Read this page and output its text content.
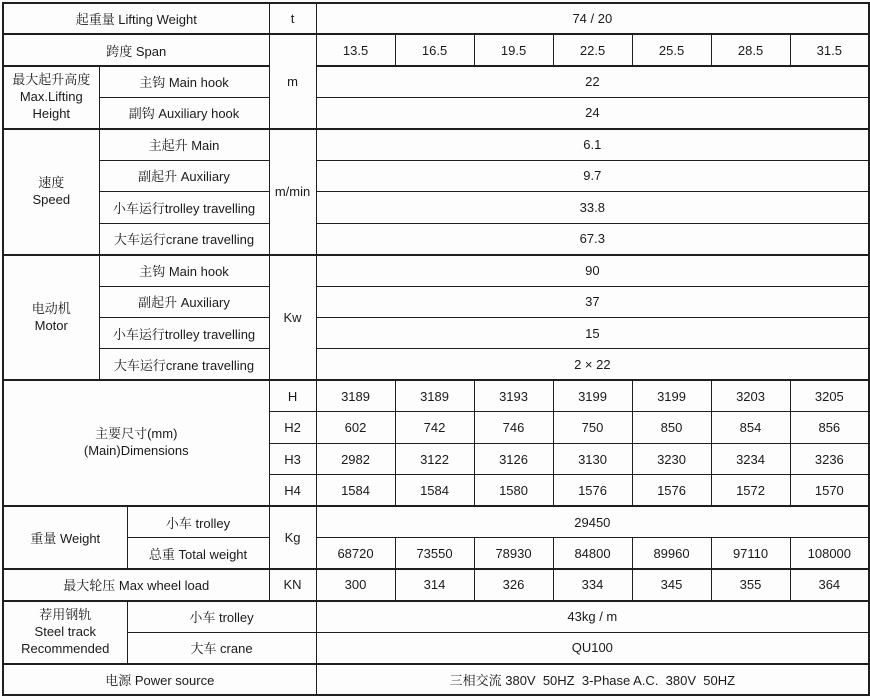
起重量 Lifting Weight			t	74 / 20						
跨度 Span			m	13.5	16.5	19.5	22.5	25.5	28.5	31.5

最大起升高度
Max.Lifting
Height	主钩 Main hook			22						
	副钩 Auxiliary hook			24						

速度
Speed	主起升 Main		m/min	6.1						
	副起升 Auxiliary			9.7						
	小车运行trolley travelling			33.8						
	大车运行crane travelling			67.3						

电动机
Motor	主钩 Main hook		Kw	90						
	副起升 Auxiliary			37						
	小车运行trolley travelling			15						
	大车运行crane travelling			2 × 22						

主要尺寸(mm)
(Main)Dimensions			H	3189	3189	3193	3199	3199	3203	3205
			H2	602	742	746	750	850	854	856
			H3	2982	3122	3126	3130	3230	3234	3236
			H4	1584	1584	1580	1576	1576	1572	1570
重量 Weight		小车 trolley	Kg	29450						
		总重 Total weight		68720	73550	78930	84800	89960	97110	108000
最大轮压 Max wheel load			KN	300	314	326	334	345	355	364

荐用钢轨
Steel track
Recommended		小车 trolley		43kg / m						
		大车 crane		QU100						
电源 Power source				三相交流 380V  50HZ  3-Phase A.C.  380V  50HZ						
